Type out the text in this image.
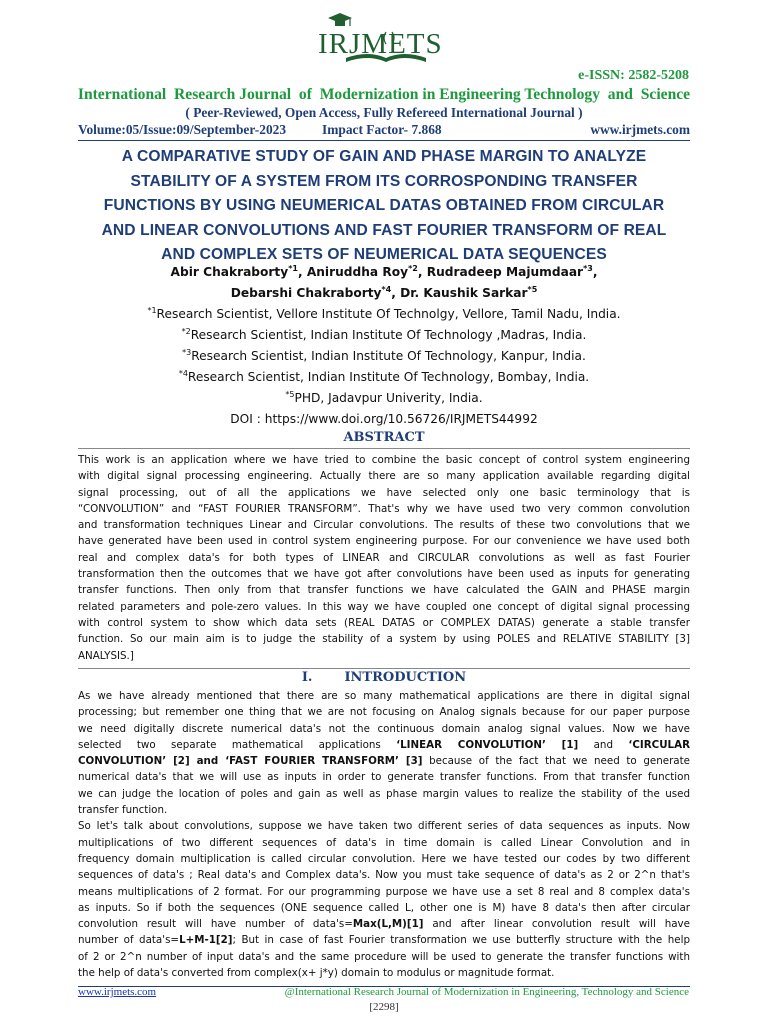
IRJMETS
e-ISSN: 2582-5208
International  Research Journal  of  Modernization in Engineering Technology  and  Science
( Peer-Reviewed, Open Access, Fully Refereed International Journal )
Volume:05/Issue:09/September-2023	Impact Factor- 7.868	www.irjmets.com
A COMPARATIVE STUDY OF GAIN AND PHASE MARGIN TO ANALYZE
STABILITY OF A SYSTEM FROM ITS CORROSPONDING TRANSFER
FUNCTIONS BY USING NEUMERICAL DATAS OBTAINED FROM CIRCULAR
AND LINEAR CONVOLUTIONS AND FAST FOURIER TRANSFORM OF REAL
AND COMPLEX SETS OF NEUMERICAL DATA SEQUENCES
Abir Chakraborty$^{*1}$, Aniruddha Roy$^{*2}$, Rudradeep Majumdaar$^{*3}$,
Debarshi Chakraborty$^{*4}$, Dr. Kaushik Sarkar$^{*5}$
$^{*1}$Research Scientist, Vellore Institute Of Technolgy, Vellore, Tamil Nadu, India.
$^{*2}$Research Scientist, Indian Institute Of Technology ,Madras, India.
$^{*3}$Research Scientist, Indian Institute Of Technology, Kanpur, India.
$^{*4}$Research Scientist, Indian Institute Of Technology, Bombay, India.
$^{*5}$PHD, Jadavpur Univerity, India.
DOI : https://www.doi.org/10.56726/IRJMETS44992
ABSTRACT
This work is an application where we have tried to combine the basic concept of control system engineering
with digital signal processing engineering. Actually there are so many application available regarding digital
signal processing, out of all the applications we have selected only one basic terminology that is
“CONVOLUTION” and “FAST FOURIER TRANSFORM”. That's why we have used two very common convolution
and transformation techniques Linear and Circular convolutions. The results of these two convolutions that we
have generated have been used in control system engineering purpose. For our convenience we have used both
real and complex data's for both types of LINEAR and CIRCULAR convolutions as well as fast Fourier
transformation then the outcomes that we have got after convolutions have been used as inputs for generating
transfer functions. Then only from that transfer functions we have calculated the GAIN and PHASE margin
related parameters and pole-zero values. In this way we have coupled one concept of digital signal processing
with control system to show which data sets (REAL DATAS or COMPLEX DATAS) generate a stable transfer
function. So our main aim is to judge the stability of a system by using POLES and RELATIVE STABILITY [3]
ANALYSIS.]
I. INTRODUCTION
As we have already mentioned that there are so many mathematical applications are there in digital signal
processing; but remember one thing that we are not focusing on Analog signals because for our paper purpose
we need digitally discrete numerical data's not the continuous domain analog signal values. Now we have
selected two separate mathematical applications ‘LINEAR CONVOLUTION’ [1] and ‘CIRCULAR
CONVOLUTION’ [2] and ‘FAST FOURIER TRANSFORM’ [3] because of the fact that we need to generate
numerical data's that we will use as inputs in order to generate transfer functions. From that transfer function
we can judge the location of poles and gain as well as phase margin values to realize the stability of the used
transfer function.
So let's talk about convolutions, suppose we have taken two different series of data sequences as inputs. Now
multiplications of two different sequences of data's in time domain is called Linear Convolution and in
frequency domain multiplication is called circular convolution. Here we have tested our codes by two different
sequences of data's ; Real data's and Complex data's. Now you must take sequence of data's as 2 or 2^n that's
means multiplications of 2 format. For our programming purpose we have use a set 8 real and 8 complex data's
as inputs. So if both the sequences (ONE sequence called L, other one is M) have 8 data's then after circular
convolution result will have number of data's=Max(L,M)[1] and after linear convolution result will have
number of data's=L+M-1[2]; But in case of fast Fourier transformation we use butterfly structure with the help
of 2 or 2^n number of input data's and the same procedure will be used to generate the transfer functions with
the help of data's converted from complex(x+ j*y) domain to modulus or magnitude format.
www.irjmets.com	@International Research Journal of Modernization in Engineering, Technology and Science
[2298]
